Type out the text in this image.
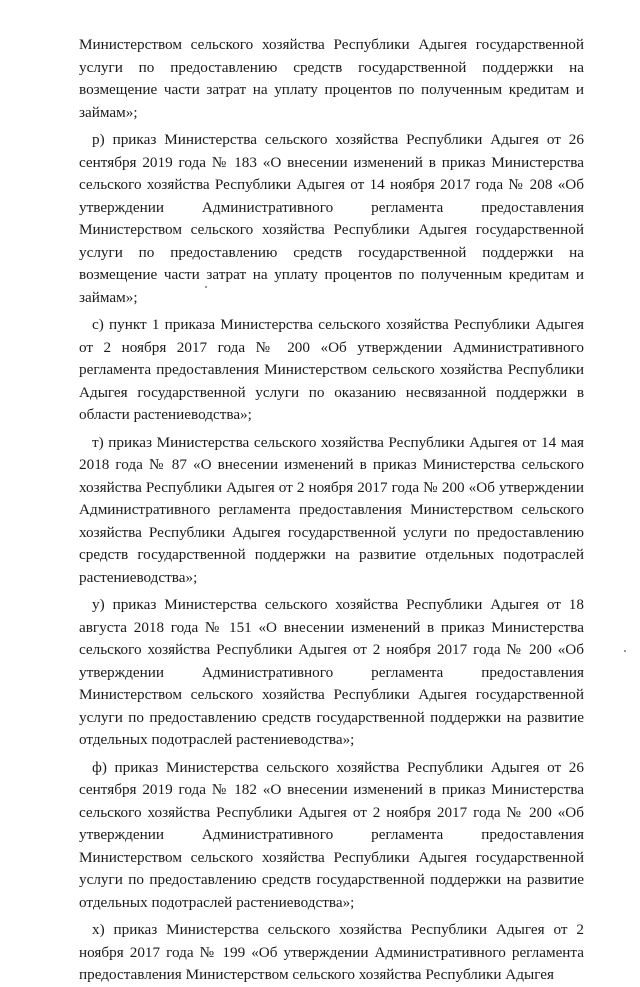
Министерством сельского хозяйства Республики Адыгея государственной услуги по предоставлению средств государственной поддержки на возмещение части затрат на уплату процентов по полученным кредитам и займам»;

р) приказ Министерства сельского хозяйства Республики Адыгея от 26 сентября 2019 года № 183 «О внесении изменений в приказ Министерства сельского хозяйства Республики Адыгея от 14 ноября 2017 года № 208 «Об утверждении Административного регламента предоставления Министерством сельского хозяйства Республики Адыгея государственной услуги по предоставлению средств государственной поддержки на возмещение части затрат на уплату процентов по полученным кредитам и займам»;

с) пункт 1 приказа Министерства сельского хозяйства Республики Адыгея от 2 ноября 2017 года № 200 «Об утверждении Административного регламента предоставления Министерством сельского хозяйства Республики Адыгея государственной услуги по оказанию несвязанной поддержки в области растениеводства»;

т) приказ Министерства сельского хозяйства Республики Адыгея от 14 мая 2018 года № 87 «О внесении изменений в приказ Министерства сельского хозяйства Республики Адыгея от 2 ноября 2017 года № 200 «Об утверждении Административного регламента предоставления Министерством сельского хозяйства Республики Адыгея государственной услуги по предоставлению средств государственной поддержки на развитие отдельных подотраслей растениеводства»;

у) приказ Министерства сельского хозяйства Республики Адыгея от 18 августа 2018 года № 151 «О внесении изменений в приказ Министерства сельского хозяйства Республики Адыгея от 2 ноября 2017 года № 200 «Об утверждении Административного регламента предоставления Министерством сельского хозяйства Республики Адыгея государственной услуги по предоставлению средств государственной поддержки на развитие отдельных подотраслей растениеводства»;

ф) приказ Министерства сельского хозяйства Республики Адыгея от 26 сентября 2019 года № 182 «О внесении изменений в приказ Министерства сельского хозяйства Республики Адыгея от 2 ноября 2017 года № 200 «Об утверждении Административного регламента предоставления Министерством сельского хозяйства Республики Адыгея государственной услуги по предоставлению средств государственной поддержки на развитие отдельных подотраслей растениеводства»;

х) приказ Министерства сельского хозяйства Республики Адыгея от 2 ноября 2017 года № 199 «Об утверждении Административного регламента предоставления Министерством сельского хозяйства Республики Адыгея
